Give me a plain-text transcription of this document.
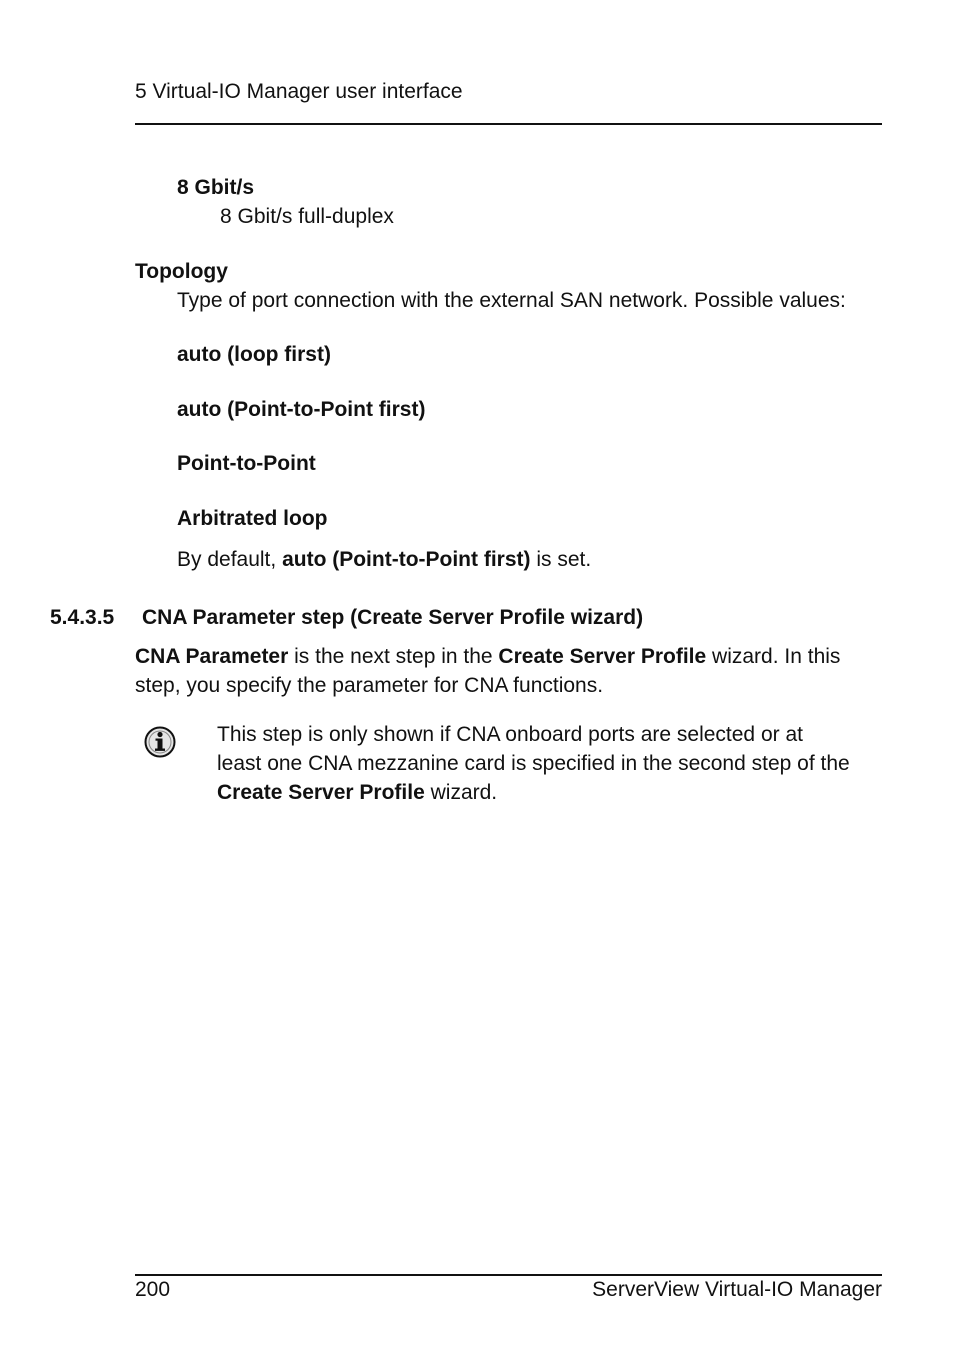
5 Virtual-IO Manager user interface
8 Gbit/s
8 Gbit/s full-duplex
Topology
Type of port connection with the external SAN network. Possible values:
auto (loop first)
auto (Point-to-Point first)
Point-to-Point
Arbitrated loop
By default, auto (Point-to-Point first) is set.
5.4.3.5 CNA Parameter step (Create Server Profile wizard)
CNA Parameter is the next step in the Create Server Profile wizard. In this
step, you specify the parameter for CNA functions.
This step is only shown if CNA onboard ports are selected or at
least one CNA mezzanine card is specified in the second step of the
Create Server Profile wizard.
200	ServerView Virtual-IO Manager
